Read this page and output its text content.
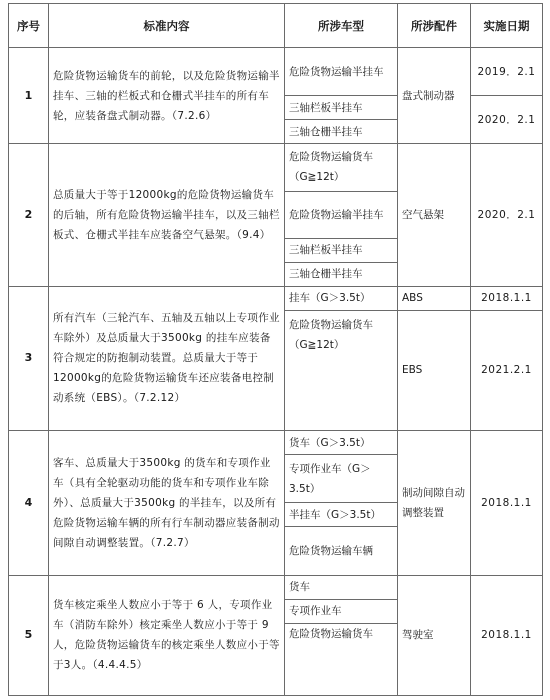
序号	标准内容	所涉车型	所涉配件	实施日期
1	危险货物运输货车的前轮，以及危险货物运输半挂车、三轴的栏板式和仓栅式半挂车的所有车轮，应装备盘式制动器。（7.2.6）	危险货物运输半挂车	盘式制动器	2019．2.1
		三轴栏板半挂车		2020．2.1
		三轴仓栅半挂车		
2	总质量大于等于12000kg的危险货物运输货车的后轴，所有危险货物运输半挂车，以及三轴栏板式、仓栅式半挂车应装备空气悬架。（9.4）	危险货物运输货车（G≧12t）	空气悬架	2020．2.1
		危险货物运输半挂车		
		三轴栏板半挂车		
		三轴仓栅半挂车		
3	所有汽车（三轮汽车、五轴及五轴以上专项作业车除外）及总质量大于3500kg 的挂车应装备符合规定的防抱制动装置。总质量大于等于12000kg的危险货物运输货车还应装备电控制动系统（EBS）。（7.2.12）	挂车（G＞3.5t）	ABS	2018.1.1
		危险货物运输货车（G≧12t）	EBS	2021.2.1
4	客车、总质量大于3500kg 的货车和专项作业车（具有全轮驱动功能的货车和专项作业车除外）、总质量大于3500kg 的半挂车，以及所有危险货物运输车辆的所有行车制动器应装备制动间隙自动调整装置。（7.2.7）	货车（G＞3.5t）	制动间隙自动调整装置	2018.1.1
		专项作业车（G＞3.5t）		
		半挂车（G＞3.5t）		
		危险货物运输车辆		
5	货车核定乘坐人数应小于等于 6 人，专项作业车（消防车除外）核定乘坐人数应小于等于 9人，危险货物运输货车的核定乘坐人数应小于等于3人。（4.4.4.5）	货车	驾驶室	2018.1.1
		专项作业车		
		危险货物运输货车		
